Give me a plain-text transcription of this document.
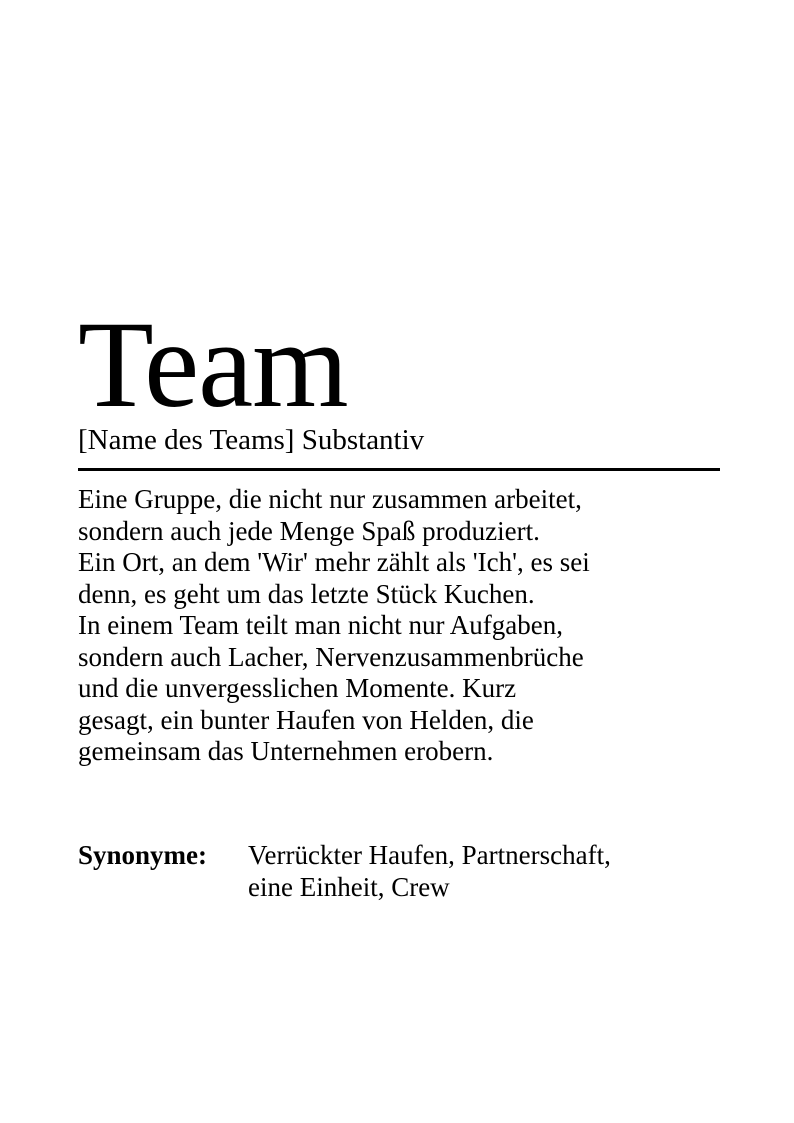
Team
[Name des Teams] Substantiv
Eine Gruppe, die nicht nur zusammen arbeitet,
sondern auch jede Menge Spaß produziert.
Ein Ort, an dem 'Wir' mehr zählt als 'Ich', es sei
denn, es geht um das letzte Stück Kuchen.
In einem Team teilt man nicht nur Aufgaben,
sondern auch Lacher, Nervenzusammenbrüche
und die unvergesslichen Momente. Kurz
gesagt, ein bunter Haufen von Helden, die
gemeinsam das Unternehmen erobern.
Synonyme: Verrückter Haufen, Partnerschaft,
eine Einheit, Crew
